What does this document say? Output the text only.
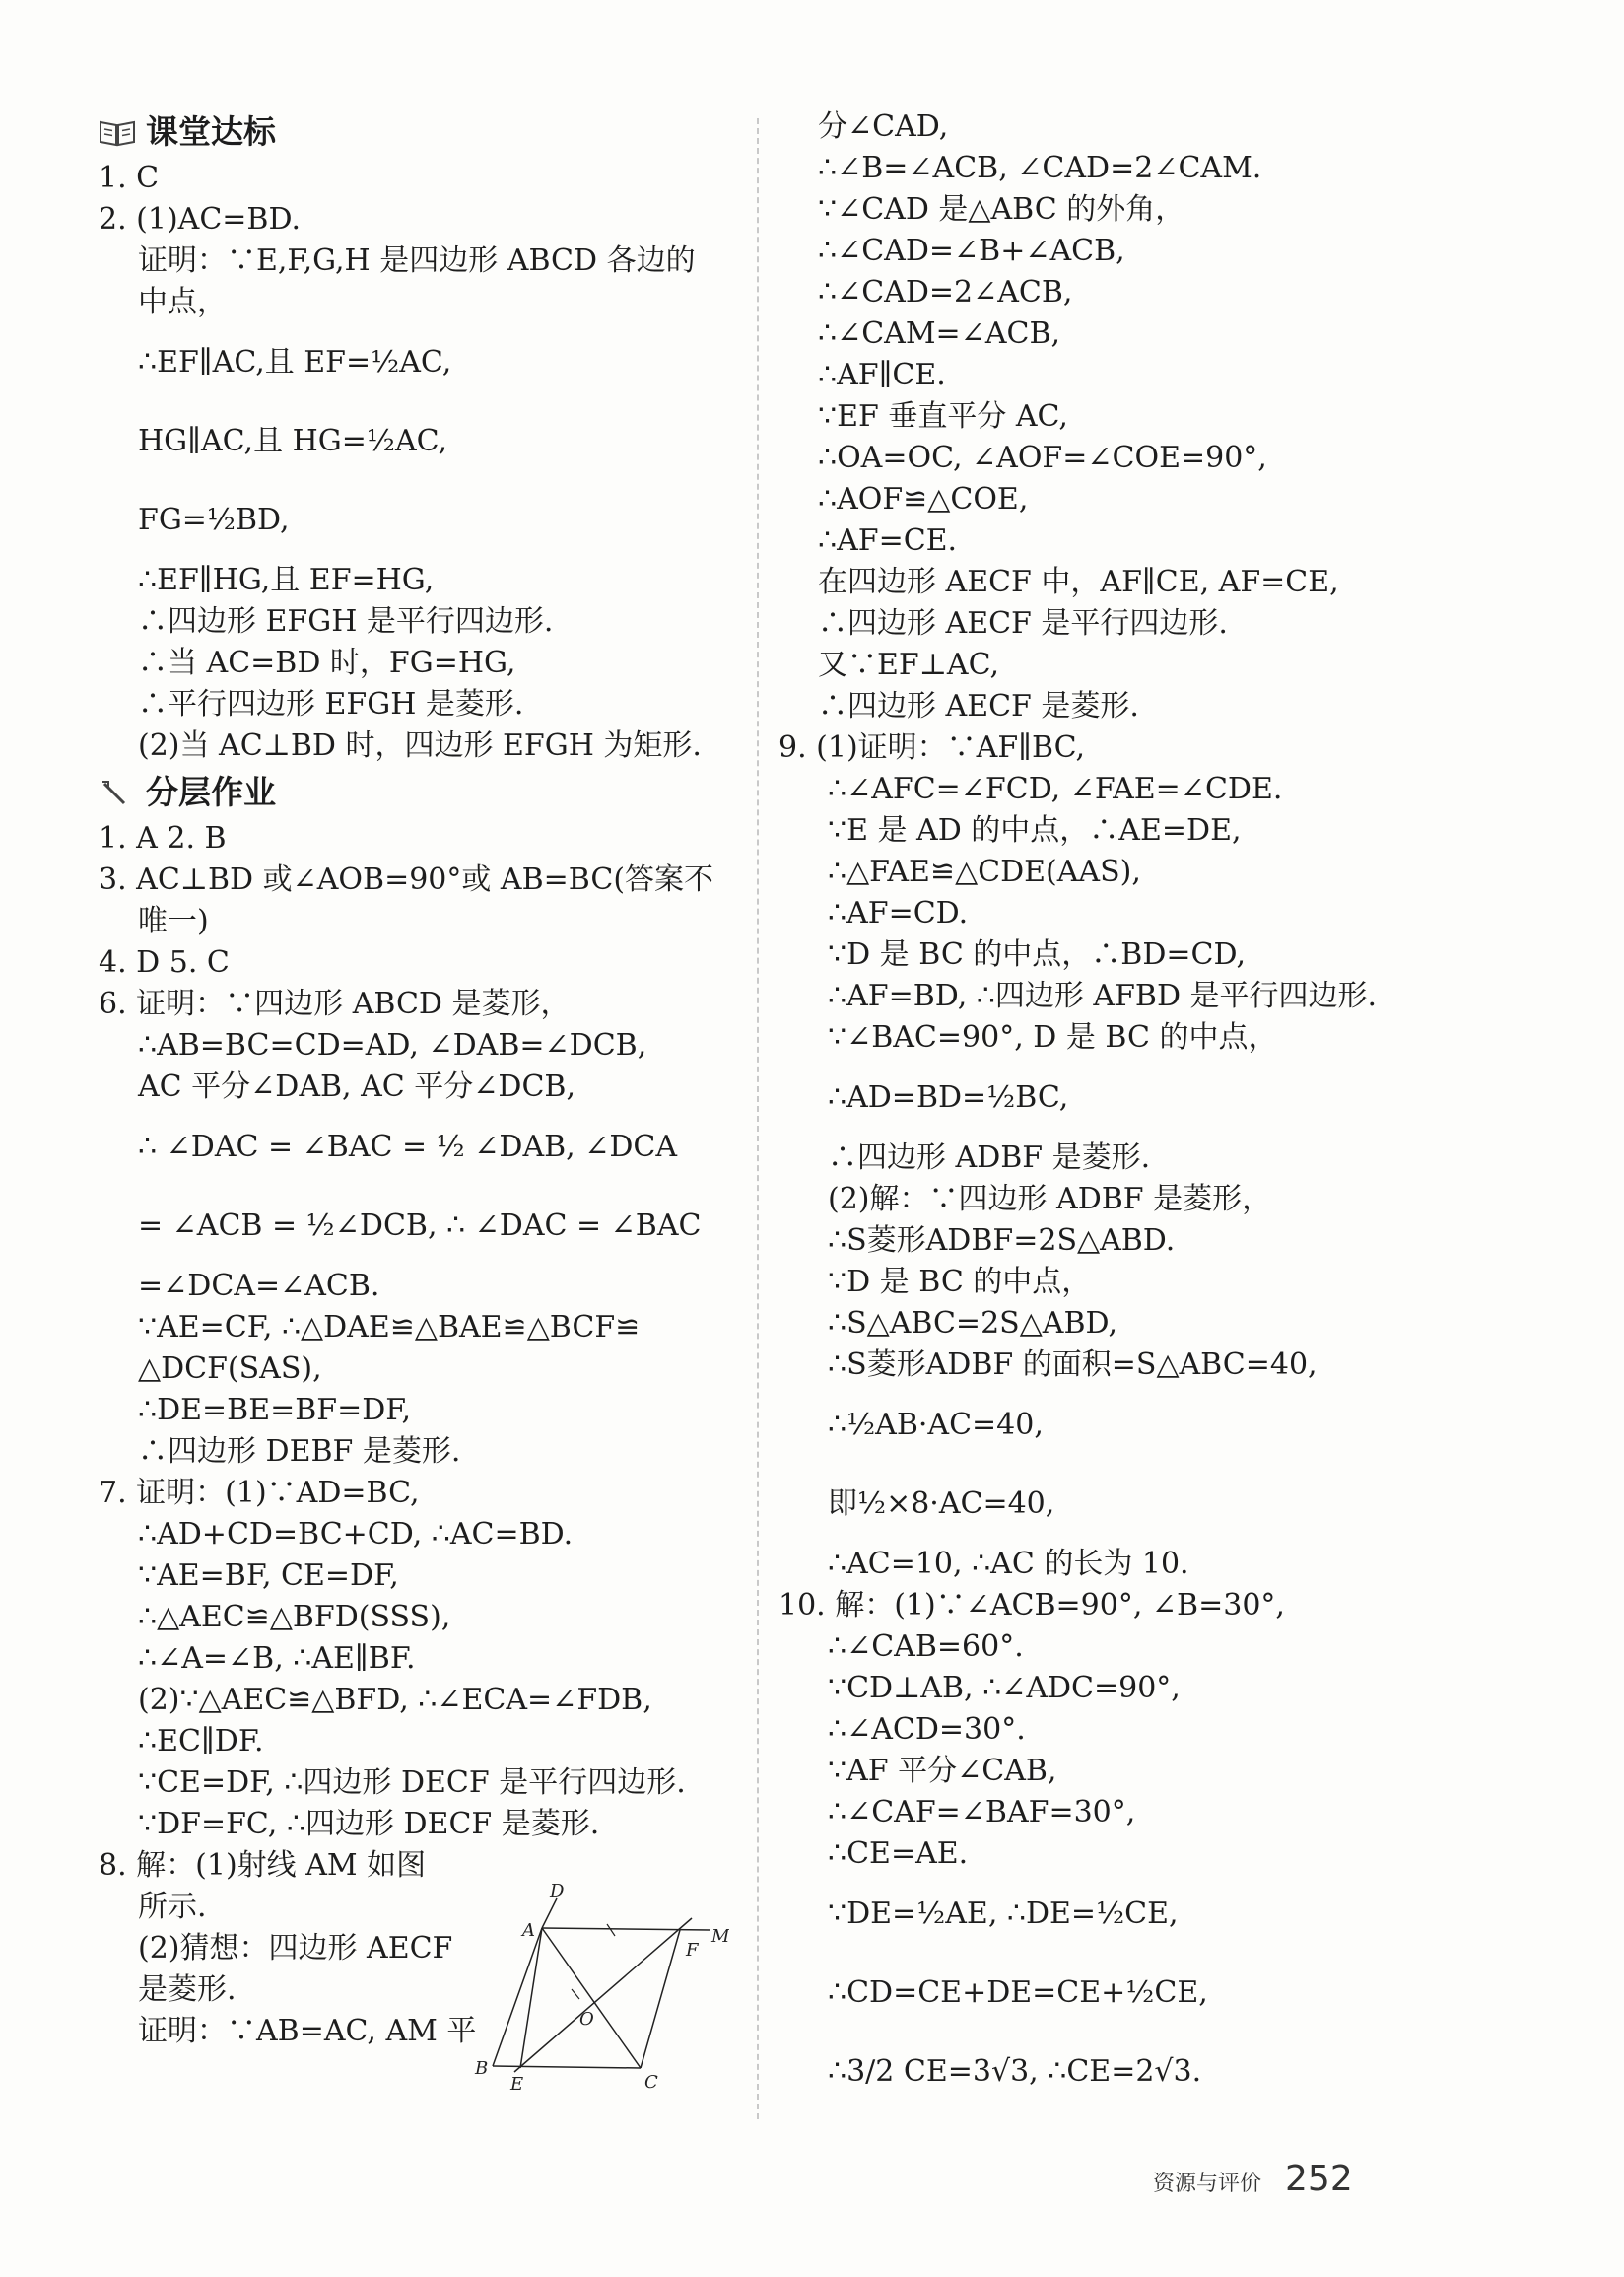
课堂达标
1. C
2. (1)AC=BD.
证明：∵E,F,G,H 是四边形 ABCD 各边的
中点，
∴EF∥AC,且 EF=½AC,
HG∥AC,且 HG=½AC,
FG=½BD,
∴EF∥HG,且 EF=HG,
∴四边形 EFGH 是平行四边形.
∴当 AC=BD 时，FG=HG,
∴平行四边形 EFGH 是菱形.
(2)当 AC⊥BD 时，四边形 EFGH 为矩形.
分层作业
1. A 2. B
3. AC⊥BD 或∠AOB=90°或 AB=BC(答案不
唯一)
4. D 5. C
6. 证明：∵四边形 ABCD 是菱形，
∴AB=BC=CD=AD, ∠DAB=∠DCB,
AC 平分∠DAB, AC 平分∠DCB,
∴ ∠DAC = ∠BAC = ½ ∠DAB, ∠DCA
= ∠ACB = ½∠DCB, ∴ ∠DAC = ∠BAC
=∠DCA=∠ACB.
∵AE=CF, ∴△DAE≌△BAE≌△BCF≌
△DCF(SAS),
∴DE=BE=BF=DF,
∴四边形 DEBF 是菱形.
7. 证明：(1)∵AD=BC,
∴AD+CD=BC+CD, ∴AC=BD.
∵AE=BF, CE=DF,
∴△AEC≌△BFD(SSS),
∴∠A=∠B, ∴AE∥BF.
(2)∵△AEC≌△BFD, ∴∠ECA=∠FDB,
∴EC∥DF.
∵CE=DF, ∴四边形 DECF 是平行四边形.
∵DF=FC, ∴四边形 DECF 是菱形.
8. 解：(1)射线 AM 如图
所示.
(2)猜想：四边形 AECF
是菱形.
证明：∵AB=AC, AM 平
分∠CAD,
∴∠B=∠ACB, ∠CAD=2∠CAM.
∵∠CAD 是△ABC 的外角，
∴∠CAD=∠B+∠ACB,
∴∠CAD=2∠ACB,
∴∠CAM=∠ACB,
∴AF∥CE.
∵EF 垂直平分 AC,
∴OA=OC, ∠AOF=∠COE=90°,
∴AOF≌△COE,
∴AF=CE.
在四边形 AECF 中，AF∥CE, AF=CE,
∴四边形 AECF 是平行四边形.
又∵EF⊥AC,
∴四边形 AECF 是菱形.
9. (1)证明：∵AF∥BC,
∴∠AFC=∠FCD, ∠FAE=∠CDE.
∵E 是 AD 的中点，∴AE=DE,
∴△FAE≌△CDE(AAS),
∴AF=CD.
∵D 是 BC 的中点，∴BD=CD,
∴AF=BD, ∴四边形 AFBD 是平行四边形.
∵∠BAC=90°, D 是 BC 的中点，
∴AD=BD=½BC,
∴四边形 ADBF 是菱形.
(2)解：∵四边形 ADBF 是菱形，
∴S菱形ADBF=2S△ABD.
∵D 是 BC 的中点，
∴S△ABC=2S△ABD,
∴S菱形ADBF 的面积=S△ABC=40,
∴½AB·AC=40,
即½×8·AC=40,
∴AC=10, ∴AC 的长为 10.
10. 解：(1)∵∠ACB=90°, ∠B=30°,
∴∠CAB=60°.
∵CD⊥AB, ∴∠ADC=90°,
∴∠ACD=30°.
∵AF 平分∠CAB,
∴∠CAF=∠BAF=30°,
∴CE=AE.
∵DE=½AE, ∴DE=½CE,
∴CD=CE+DE=CE+½CE,
∴3/2 CE=3√3, ∴CE=2√3.
D
A	M
F
O
B
E	C
资源与评价 252
